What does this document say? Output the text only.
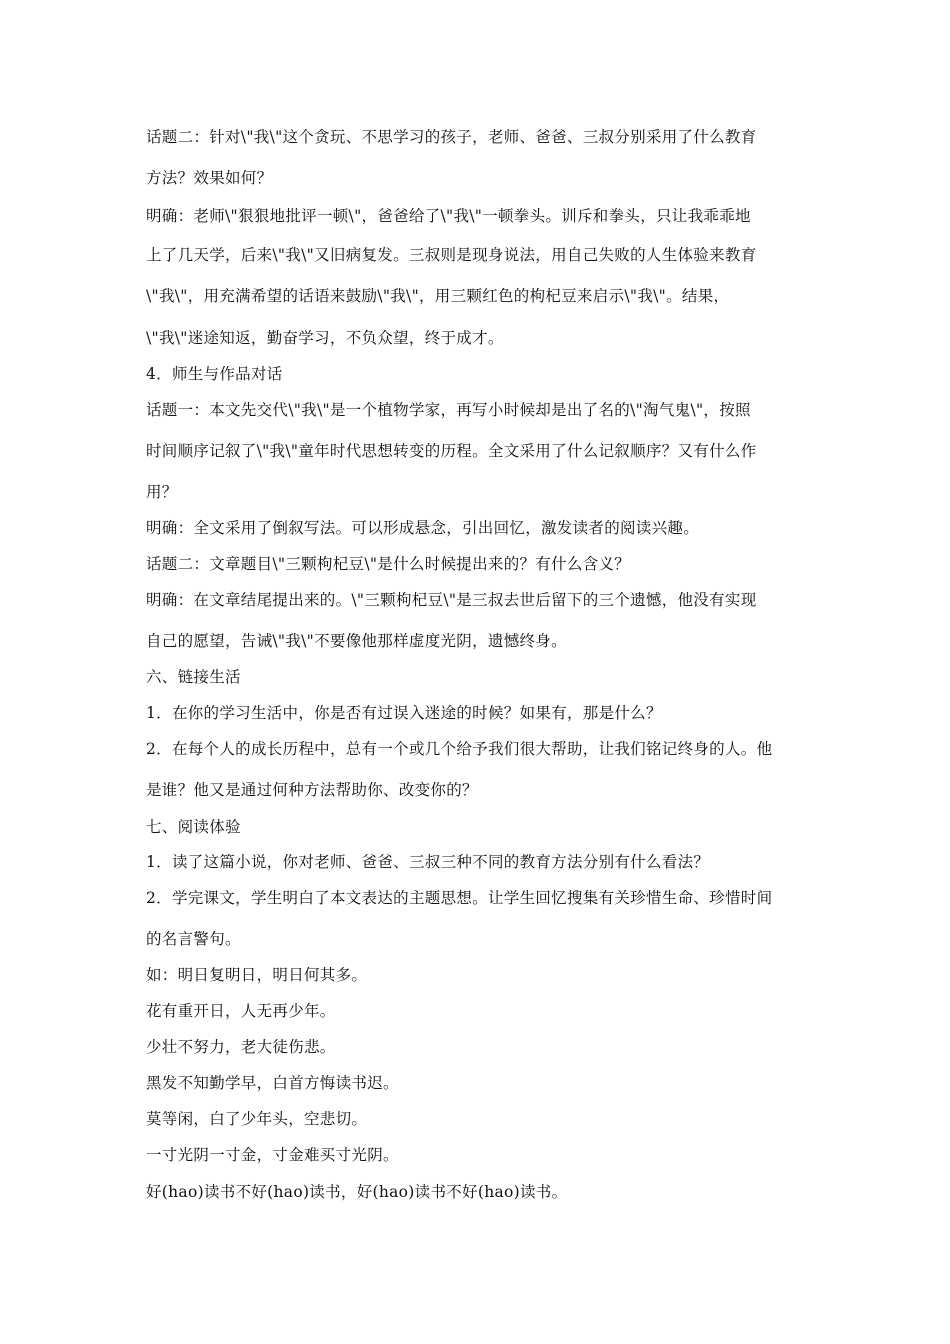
话题二：针对\"我\"这个贪玩、不思学习的孩子，老师、爸爸、三叔分别采用了什么教育
方法？效果如何？
明确：老师\"狠狠地批评一顿\"，爸爸给了\"我\"一顿拳头。训斥和拳头，只让我乖乖地
上了几天学，后来\"我\"又旧病复发。三叔则是现身说法，用自己失败的人生体验来教育
\"我\"，用充满希望的话语来鼓励\"我\"，用三颗红色的枸杞豆来启示\"我\"。结果，
\"我\"迷途知返，勤奋学习，不负众望，终于成才。
4．师生与作品对话
话题一：本文先交代\"我\"是一个植物学家，再写小时候却是出了名的\"淘气鬼\"，按照
时间顺序记叙了\"我\"童年时代思想转变的历程。全文采用了什么记叙顺序？又有什么作
用？
明确：全文采用了倒叙写法。可以形成悬念，引出回忆，激发读者的阅读兴趣。
话题二：文章题目\"三颗枸杞豆\"是什么时候提出来的？有什么含义？
明确：在文章结尾提出来的。\"三颗枸杞豆\"是三叔去世后留下的三个遗憾，他没有实现
自己的愿望，告诫\"我\"不要像他那样虚度光阴，遗憾终身。
六、链接生活
1．在你的学习生活中，你是否有过误入迷途的时候？如果有，那是什么？
2．在每个人的成长历程中，总有一个或几个给予我们很大帮助，让我们铭记终身的人。他
是谁？他又是通过何种方法帮助你、改变你的？
七、阅读体验
1．读了这篇小说，你对老师、爸爸、三叔三种不同的教育方法分别有什么看法？
2．学完课文，学生明白了本文表达的主题思想。让学生回忆搜集有关珍惜生命、珍惜时间
的名言警句。
如：明日复明日，明日何其多。
花有重开日，人无再少年。
少壮不努力，老大徒伤悲。
黑发不知勤学早，白首方悔读书迟。
莫等闲，白了少年头，空悲切。
一寸光阴一寸金，寸金难买寸光阴。
好(hao)读书不好(hao)读书，好(hao)读书不好(hao)读书。
